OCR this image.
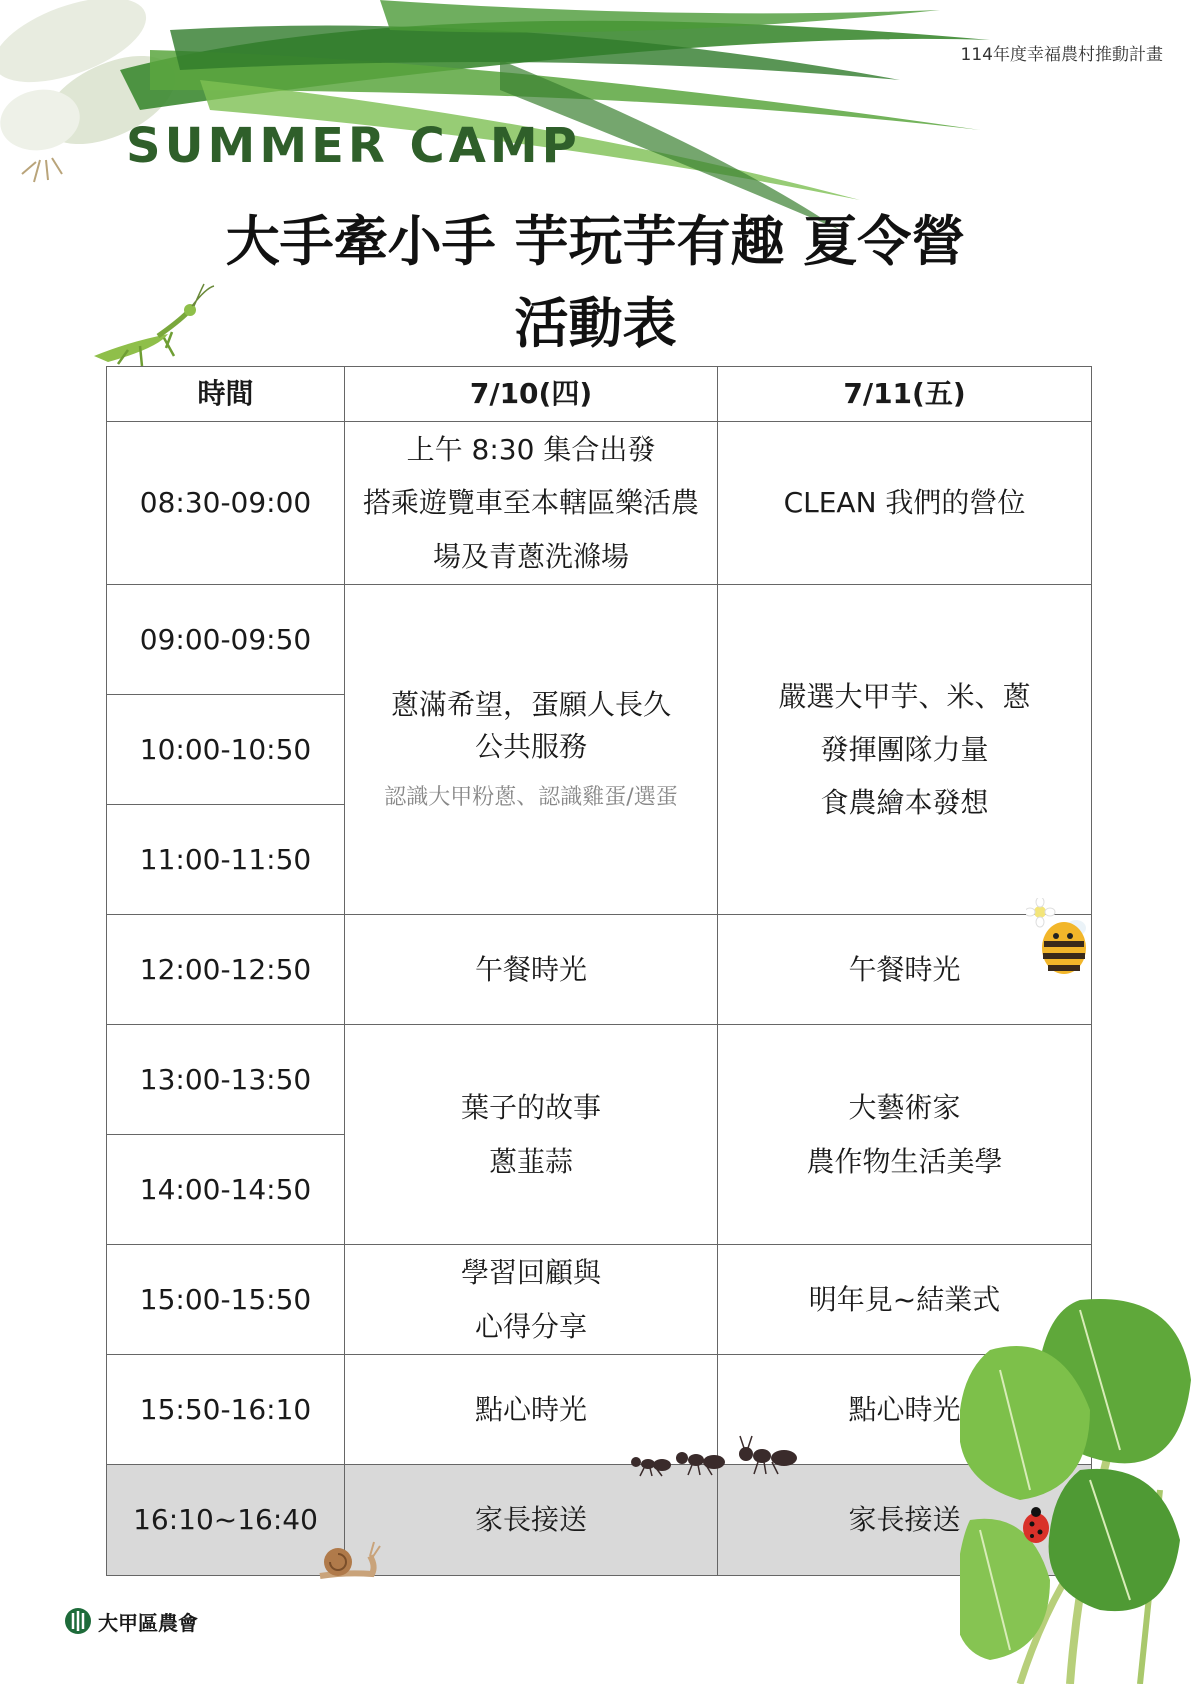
114年度幸福農村推動計畫
SUMMER CAMP
大手牽小手 芋玩芋有趣 夏令營
活動表
時間	7/10(四)	7/11(五)
08:30-09:00
09:00-09:50
10:00-10:50
11:00-11:50
12:00-12:50
13:00-13:50
14:00-14:50
15:00-15:50
15:50-16:10
16:10~16:40
上午 8:30 集合出發
搭乘遊覽車至本轄區樂活農
場及青蔥洗滌場
蔥滿希望，蛋願人長久
公共服務
認識大甲粉蔥、認識雞蛋/選蛋
午餐時光
葉子的故事
蔥韮蒜
學習回顧與
心得分享
點心時光
家長接送
CLEAN 我們的營位
嚴選大甲芋、米、蔥
發揮團隊力量
食農繪本發想
午餐時光
大藝術家
農作物生活美學
明年見~結業式
點心時光
家長接送
大甲區農會
